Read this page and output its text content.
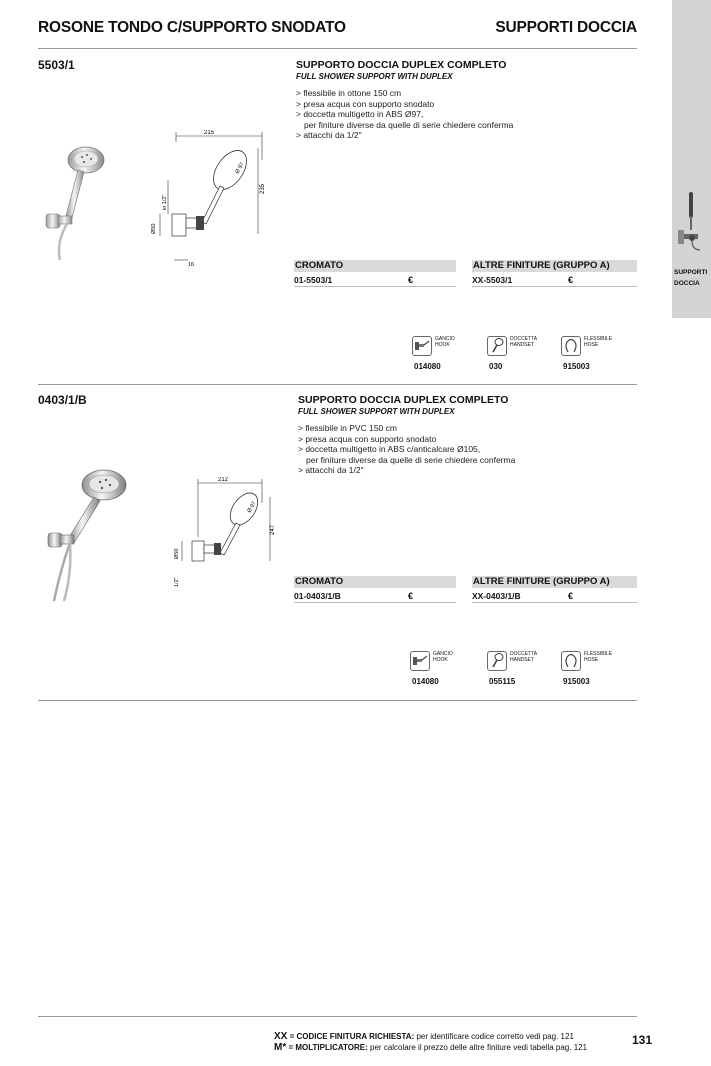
ROSONE TONDO C/SUPPORTO SNODATO	SUPPORTI DOCCIA
SUPPORTI
DOCCIA
5503/1
215
235
Ø 97
Ø50
in 1/2"
16
SUPPORTO DOCCIA DUPLEX COMPLETO
FULL SHOWER SUPPORT WITH DUPLEX
> flessibile in ottone 150 cm
> presa acqua con supporto snodato
> doccetta multigetto in ABS Ø97,
per finiture diverse da quelle di serie chiedere conferma
> attacchi da 1/2"
CROMATO	ALTRE FINITURE (GRUPPO A)
01-5503/1	€	XX-5503/1	€
GANCIO
HOOK
014080
DOCCETTA
HANDSET
030
FLESSIBILE
HOSE
915003
0403/1/B
212
247
Ø 97
Ø50
1/2"
SUPPORTO DOCCIA DUPLEX COMPLETO
FULL SHOWER SUPPORT WITH DUPLEX
> flessibile in PVC 150 cm
> presa acqua con supporto snodato
> doccetta multigetto in ABS c/anticalcare Ø105,
per finiture diverse da quelle di serie chiedere conferma
> attacchi da 1/2"
CROMATO	ALTRE FINITURE (GRUPPO A)
01-0403/1/B	€	XX-0403/1/B	€
GANCIO
HOOK
014080
DOCCETTA
HANDSET
055115
FLESSIBILE
HOSE
915003
XX = CODICE FINITURA RICHIESTA: per identificare codice corretto vedi pag. 121
M* = MOLTIPLICATORE: per calcolare il prezzo delle altre finiture vedi tabella pag. 121
131
